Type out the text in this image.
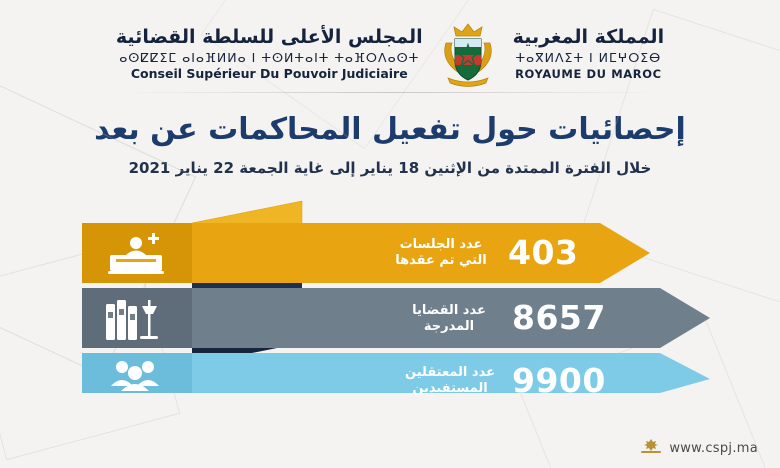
المجلس الأعلى للسلطة القضائية
ⴰⵙⵇⵇⵉⵎ ⴰⵏⴰⴼⵍⵍⴰ ⵏ ⵜⵙⵍⵜⴰⵏⵜ ⵜⴰⴼⵔⴷⴰⵙⵜ
Conseil Supérieur Du Pouvoir Judiciaire
المملكة المغربية
ⵜⴰⴳⵍⴷⵉⵜ ⵏ ⵍⵎⵖⵔⵉⴱ
ROYAUME DU MAROC
إحصائيات حول تفعيل المحاكمات عن بعد
خلال الفترة الممتدة من الإثنين 18 يناير إلى غاية الجمعة 22 يناير 2021
عدد الجلسات
التي تم عقدها 403
عدد القضايا
المدرجة	8657
عدد المعتقلين
المستفيدين 9900
www.cspj.ma
